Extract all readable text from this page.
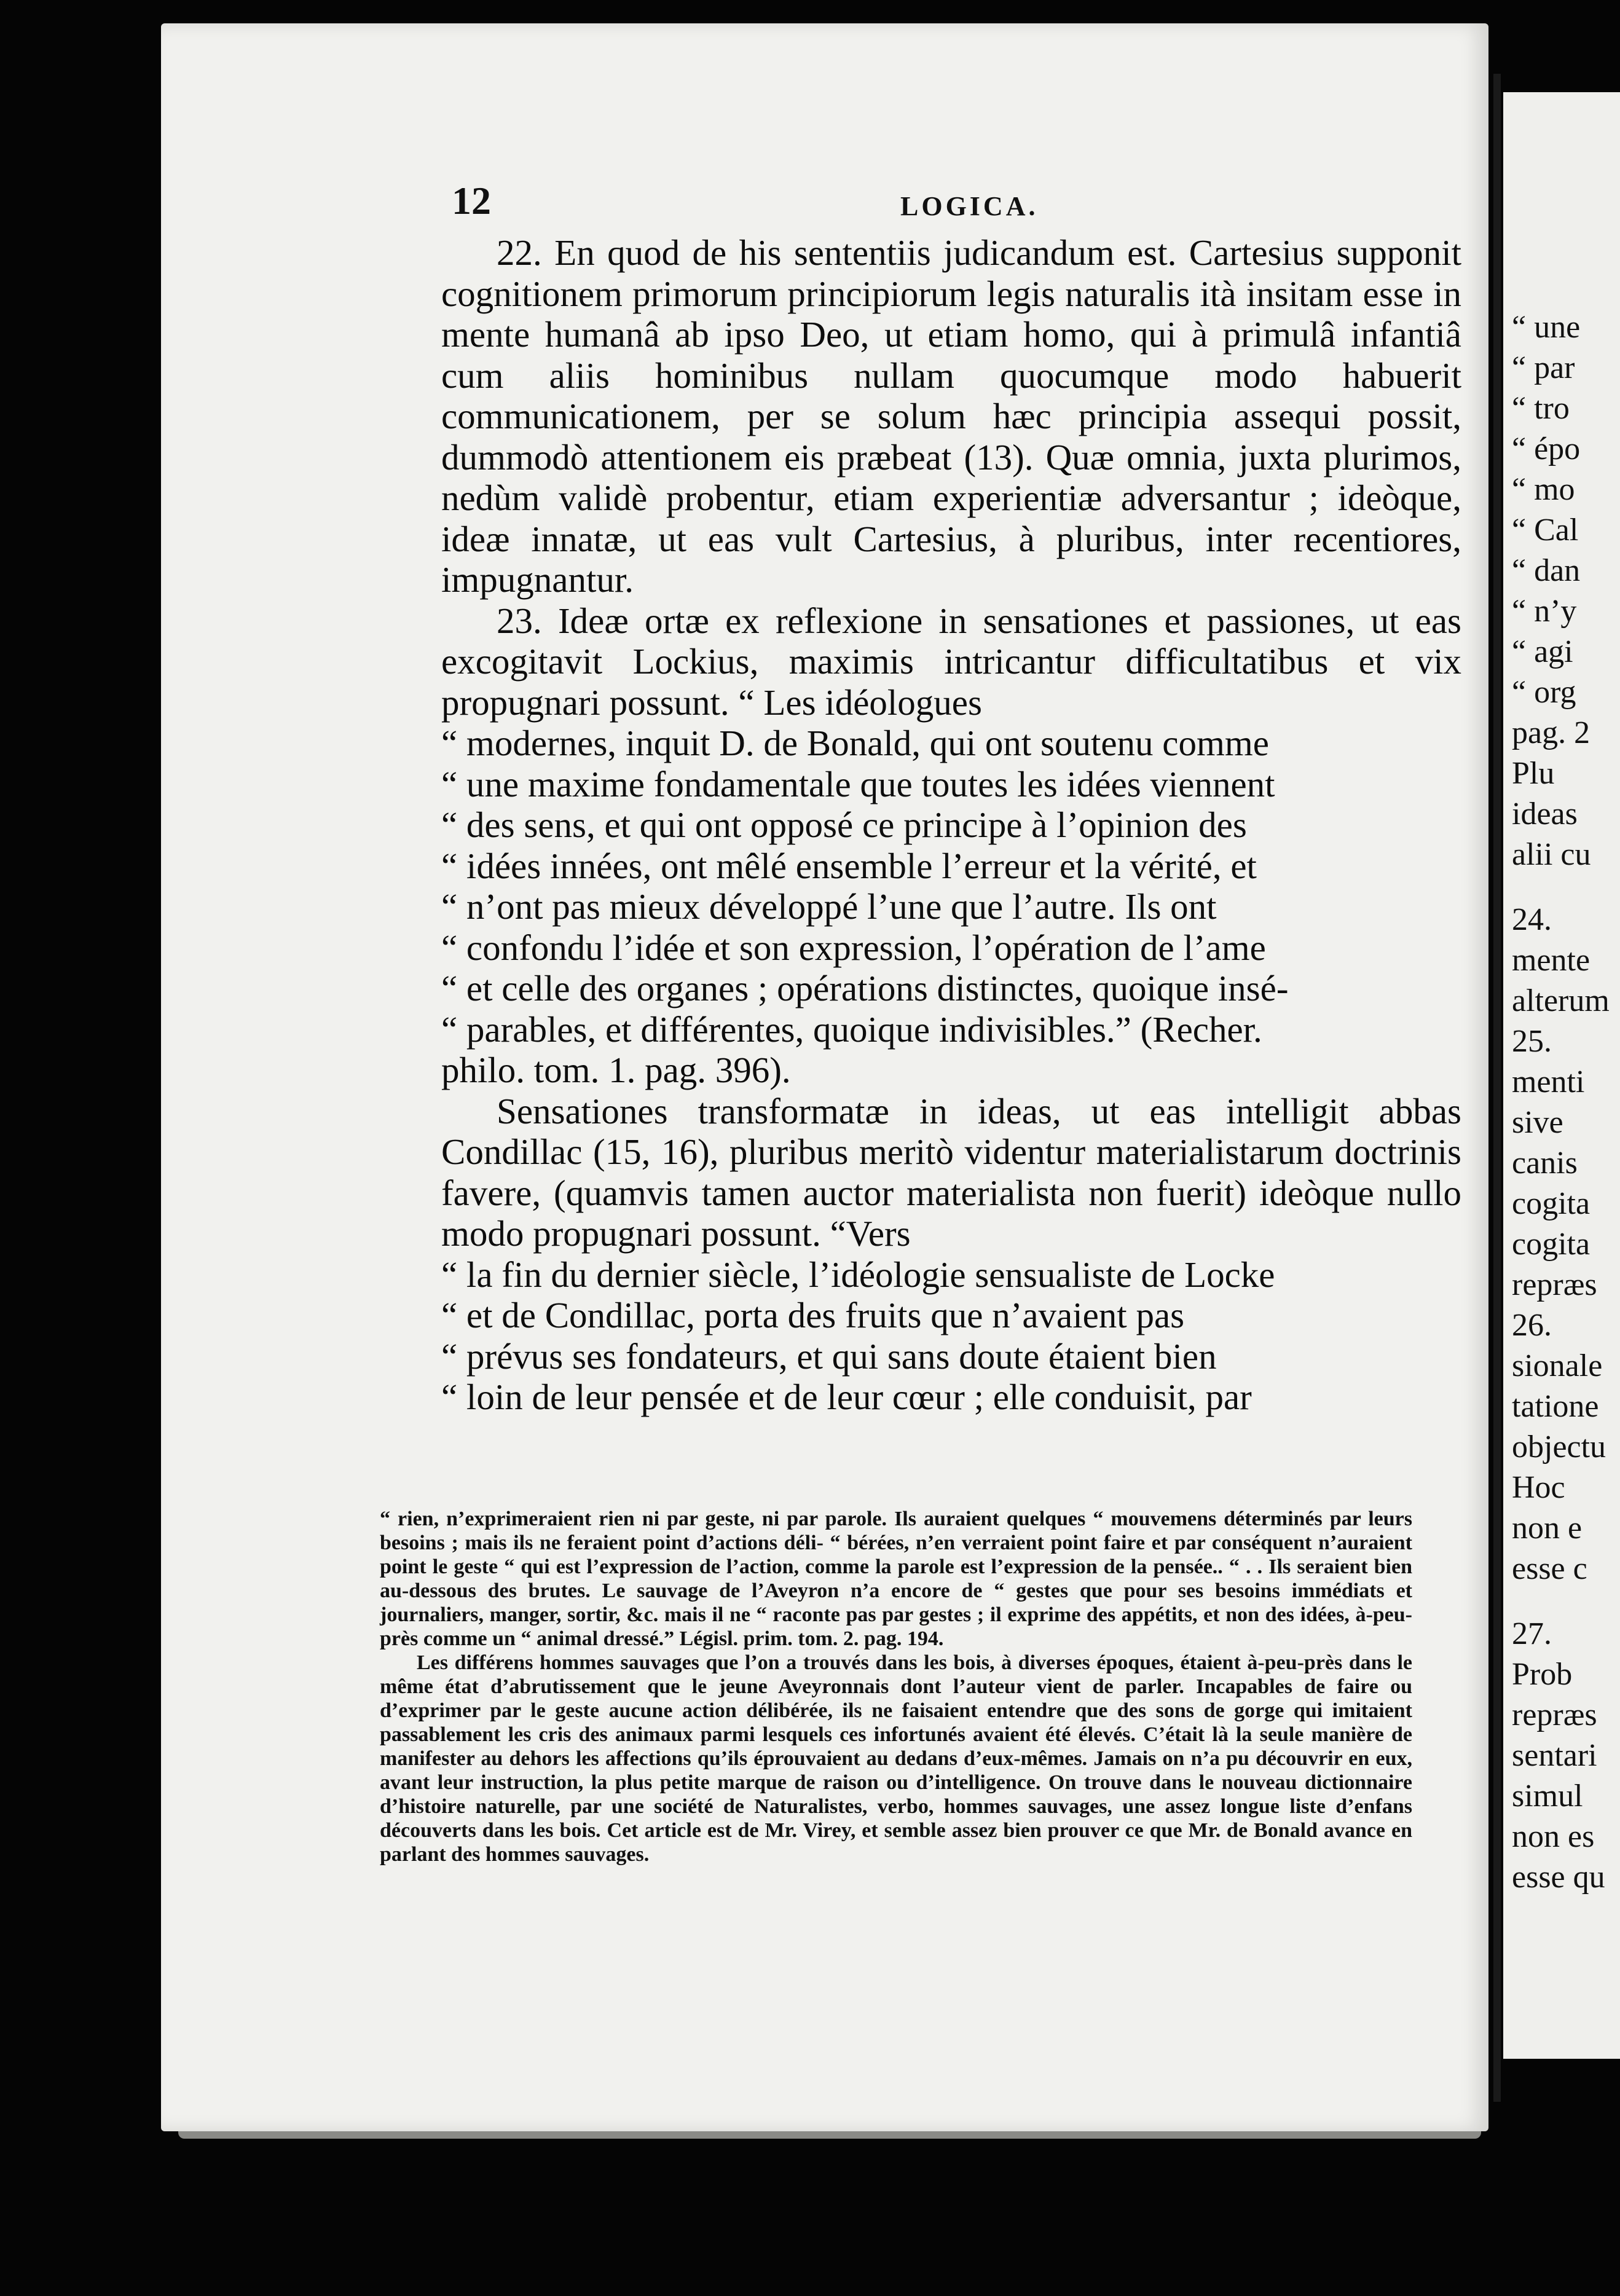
12	LOGICA.

22. En quod de his sententiis judicandum est. Cartesius supponit cognitionem primorum principiorum legis naturalis ità insitam esse in mente humanâ ab ipso Deo, ut etiam homo, qui à primulâ infantiâ cum aliis hominibus nullam quocumque modo habuerit communicationem, per se solum hæc principia assequi possit, dummodò attentionem eis præbeat (13). Quæ omnia, juxta plurimos, nedùm validè probentur, etiam experientiæ adversantur ; ideòque, ideæ innatæ, ut eas vult Cartesius, à pluribus, inter recentiores, impugnantur.

23. Ideæ ortæ ex reflexione in sensationes et passiones, ut eas excogitavit Lockius, maximis intricantur difficultatibus et vix propugnari possunt. “ Les idéologues

“ modernes, inquit D. de Bonald, qui ont soutenu comme
“ une maxime fondamentale que toutes les idées viennent
“ des sens, et qui ont opposé ce principe à l’opinion des
“ idées innées, ont mêlé ensemble l’erreur et la vérité, et
“ n’ont pas mieux développé l’une que l’autre. Ils ont
“ confondu l’idée et son expression, l’opération de l’ame
“ et celle des organes ; opérations distinctes, quoique insé-
“ parables, et différentes, quoique indivisibles.” (Recher.

philo. tom. 1. pag. 396).

Sensationes transformatæ in ideas, ut eas intelligit abbas Condillac (15, 16), pluribus meritò videntur materialistarum doctrinis favere, (quamvis tamen auctor materialista non fuerit) ideòque nullo modo propugnari possunt. “Vers

“ la fin du dernier siècle, l’idéologie sensualiste de Locke
“ et de Condillac, porta des fruits que n’avaient pas
“ prévus ses fondateurs, et qui sans doute étaient bien
“ loin de leur pensée et de leur cœur ; elle conduisit, par

“ rien, n’exprimeraient rien ni par geste, ni par parole. Ils auraient quelques “ mouvemens déterminés par leurs besoins ; mais ils ne feraient point d’actions déli- “ bérées, n’en verraient point faire et par conséquent n’auraient point le geste “ qui est l’expression de l’action, comme la parole est l’expression de la pensée.. “ . . Ils seraient bien au-dessous des brutes. Le sauvage de l’Aveyron n’a encore de “ gestes que pour ses besoins immédiats et journaliers, manger, sortir, &c. mais il ne “ raconte pas par gestes ; il exprime des appétits, et non des idées, à-peu-près comme un “ animal dressé.” Législ. prim. tom. 2. pag. 194.

Les différens hommes sauvages que l’on a trouvés dans les bois, à diverses époques, étaient à-peu-près dans le même état d’abrutissement que le jeune Aveyronnais dont l’auteur vient de parler. Incapables de faire ou d’exprimer par le geste aucune action délibérée, ils ne faisaient entendre que des sons de gorge qui imitaient passablement les cris des animaux parmi lesquels ces infortunés avaient été élevés. C’était là la seule manière de manifester au dehors les affections qu’ils éprouvaient au dedans d’eux-mêmes. Jamais on n’a pu découvrir en eux, avant leur instruction, la plus petite marque de raison ou d’intelligence. On trouve dans le nouveau dictionnaire d’histoire naturelle, par une société de Naturalistes, verbo, hommes sauvages, une assez longue liste d’enfans découverts dans les bois. Cet article est de Mr. Virey, et semble assez bien prouver ce que Mr. de Bonald avance en parlant des hommes sauvages.

“ une
“ par
“ tro
“ épo
“ mo
“ Cal
“ dan
“ n’y
“ agi
“ org
pag. 2
Plu
ideas
alii cu
24.
mente
alterum
25.
menti
sive
canis
cogita
cogita
repræs
26.
sionale
tatione
objectu
Hoc
non e
esse c
27.
Prob
repræs
sentari
simul
non es
esse qu
